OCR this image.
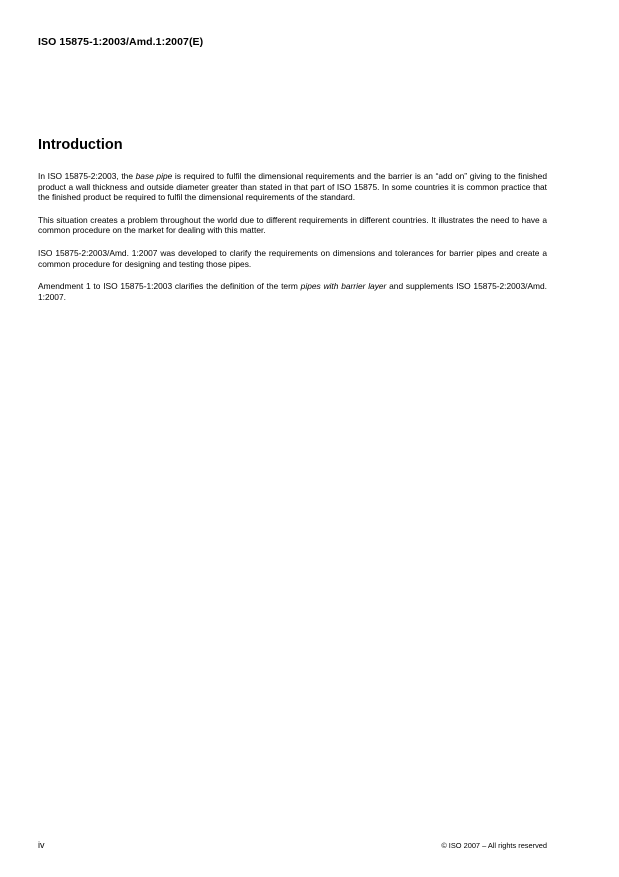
ISO 15875-1:2003/Amd.1:2007(E)
Introduction

In ISO 15875-2:2003, the base pipe is required to fulfil the dimensional requirements and the barrier is an “add on” giving to the finished product a wall thickness and outside diameter greater than stated in that part of ISO 15875. In some countries it is common practice that the finished product be required to fulfil the dimensional requirements of the standard.

This situation creates a problem throughout the world due to different requirements in different countries. It illustrates the need to have a common procedure on the market for dealing with this matter.

ISO 15875-2:2003/Amd. 1:2007 was developed to clarify the requirements on dimensions and tolerances for barrier pipes and create a common procedure for designing and testing those pipes.

Amendment 1 to ISO 15875-1:2003 clarifies the definition of the term pipes with barrier layer and supplements ISO 15875-2:2003/Amd. 1:2007.

iv	© ISO 2007 – All rights reserved
